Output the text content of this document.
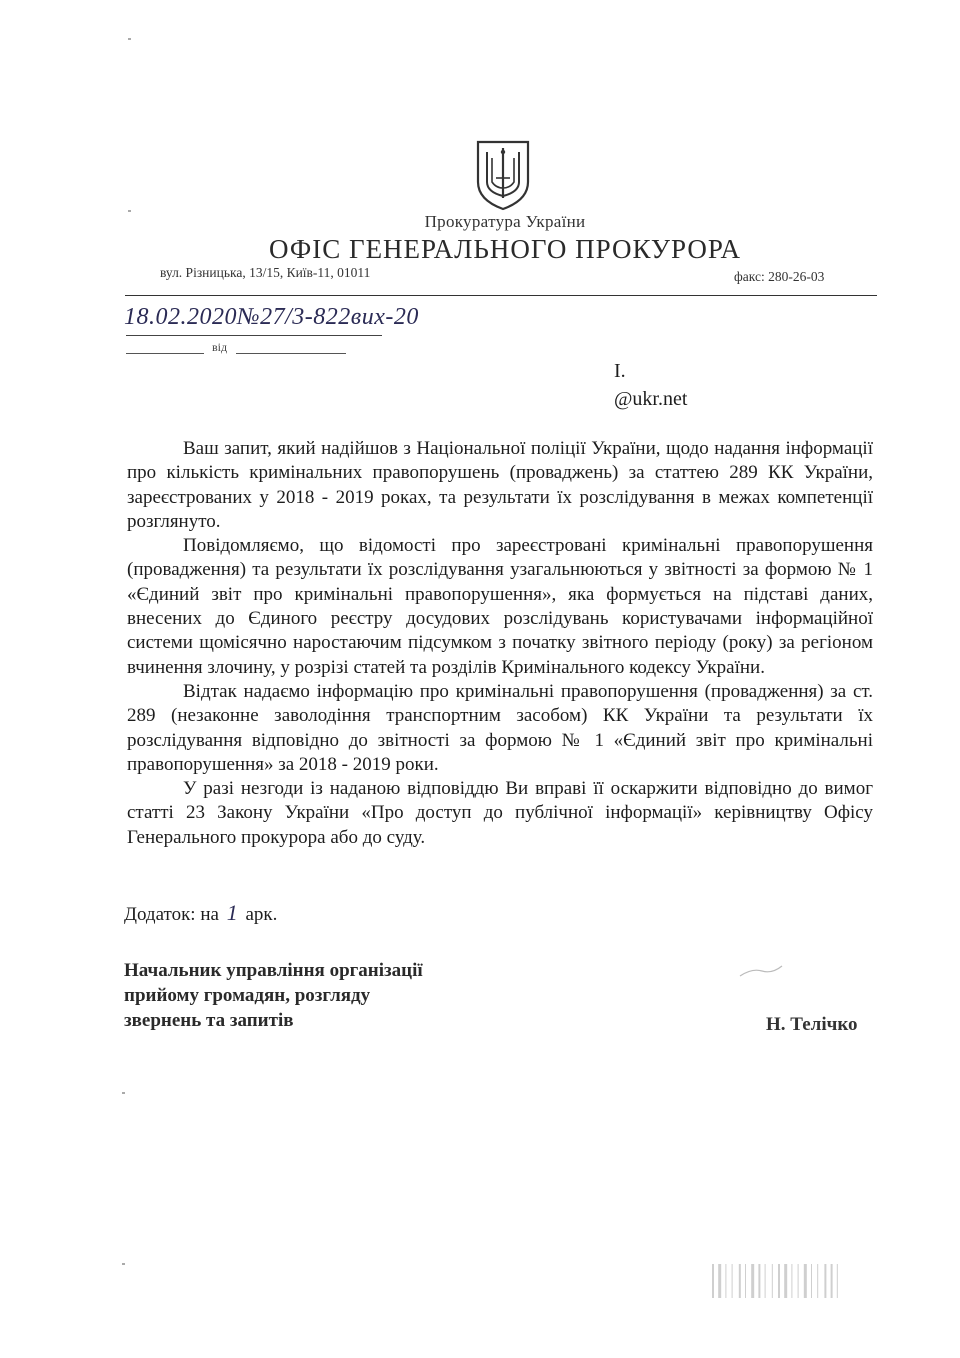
Прокуратура України
ОФІС ГЕНЕРАЛЬНОГО ПРОКУРОРА
вул. Різницька, 13/15, Київ-11, 01011	факс: 280-26-03
18.02.2020№27/3-822вих-20
від
І.
@ukr.net

Ваш запит, який надійшов з Національної поліції України, щодо надання інформації про кількість кримінальних правопорушень (проваджень) за статтею 289 КК України, зареєстрованих у 2018 - 2019 роках, та результати їх розслідування в межах компетенції розглянуто.

Повідомляємо, що відомості про зареєстровані кримінальні правопорушення (провадження) та результати їх розслідування узагальнюються у звітності за формою № 1 «Єдиний звіт про кримінальні правопорушення», яка формується на підставі даних, внесених до Єдиного реєстру досудових розслідувань користувачами інформаційної системи щомісячно наростаючим підсумком з початку звітного періоду (року) за регіоном вчинення злочину, у розрізі статей та розділів Кримінального кодексу України.

Відтак надаємо інформацію про кримінальні правопорушення (провадження) за ст. 289 (незаконне заволодіння транспортним засобом) КК України та результати їх розслідування відповідно до звітності за формою № 1 «Єдиний звіт про кримінальні правопорушення» за 2018 - 2019 роки.

У разі незгоди із наданою відповіддю Ви вправі її оскаржити відповідно до вимог статті 23 Закону України «Про доступ до публічної інформації» керівництву Офісу Генерального прокурора або до суду.

Додаток: на 1 арк.
Начальник управління організації
прийому громадян, розгляду
звернень та запитів	Н. Телічко
